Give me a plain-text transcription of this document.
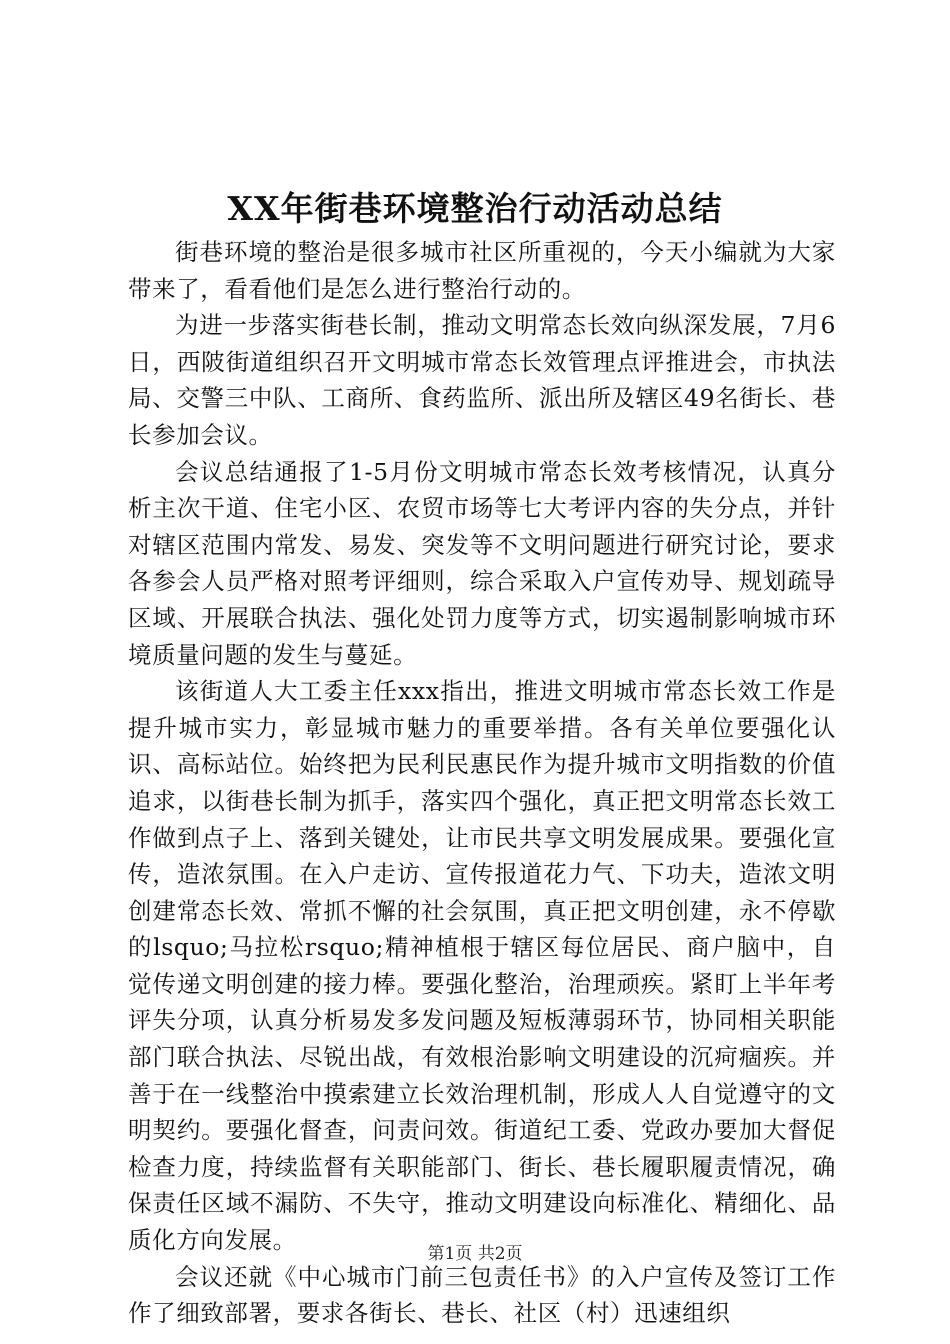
XX年街巷环境整治行动活动总结

街巷环境的整治是很多城市社区所重视的，今天小编就为大家带来了，看看他们是怎么进行整治行动的。

为进一步落实街巷长制，推动文明常态长效向纵深发展，7月6日，西陂街道组织召开文明城市常态长效管理点评推进会，市执法局、交警三中队、工商所、食药监所、派出所及辖区49名街长、巷长参加会议。

会议总结通报了1-5月份文明城市常态长效考核情况，认真分析主次干道、住宅小区、农贸市场等七大考评内容的失分点，并针对辖区范围内常发、易发、突发等不文明问题进行研究讨论，要求各参会人员严格对照考评细则，综合采取入户宣传劝导、规划疏导区域、开展联合执法、强化处罚力度等方式，切实遏制影响城市环境质量问题的发生与蔓延。

该街道人大工委主任xxx指出，推进文明城市常态长效工作是提升城市实力，彰显城市魅力的重要举措。各有关单位要强化认识、高标站位。始终把为民利民惠民作为提升城市文明指数的价值追求，以街巷长制为抓手，落实四个强化，真正把文明常态长效工作做到点子上、落到关键处，让市民共享文明发展成果。要强化宣传，造浓氛围。在入户走访、宣传报道花力气、下功夫，造浓文明创建常态长效、常抓不懈的社会氛围，真正把文明创建，永不停歇的lsquo;马拉松rsquo;精神植根于辖区每位居民、商户脑中，自觉传递文明创建的接力棒。要强化整治，治理顽疾。紧盯上半年考评失分项，认真分析易发多发问题及短板薄弱环节，协同相关职能部门联合执法、尽锐出战，有效根治影响文明建设的沉疴痼疾。并善于在一线整治中摸索建立长效治理机制，形成人人自觉遵守的文明契约。要强化督查，问责问效。街道纪工委、党政办要加大督促检查力度，持续监督有关职能部门、街长、巷长履职履责情况，确保责任区域不漏防、不失守，推动文明建设向标准化、精细化、品质化方向发展。

会议还就《中心城市门前三包责任书》的入户宣传及签订工作作了细致部署，要求各街长、巷长、社区（村）迅速组织

第1页 共2页
